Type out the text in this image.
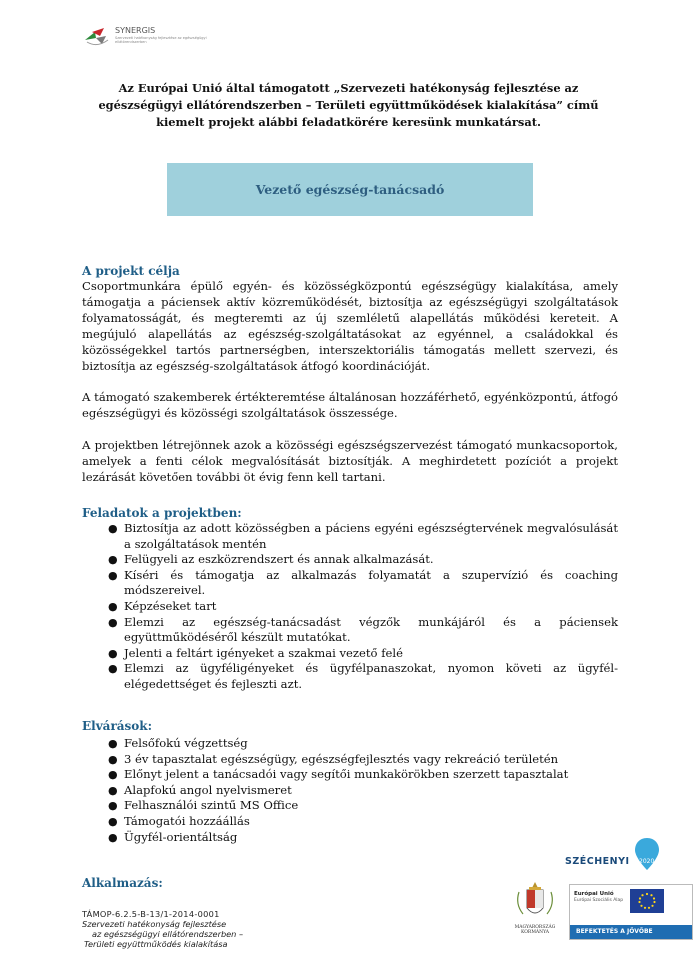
SYNERGIS
Szervezeti hatékonyság fejlesztése az egészségügyi ellátórendszerben
Az Európai Unió által támogatott „Szervezeti hatékonyság fejlesztése az egészségügyi ellátórendszerben – Területi együttműködések kialakítása” című kiemelt projekt alábbi feladatkörére keresünk munkatársat.
Vezető egészség-tanácsadó
A projekt célja

Csoportmunkára épülő egyén- és közösségközpontú egészségügy kialakítása, amely támogatja a páciensek aktív közreműködését, biztosítja az egészségügyi szolgáltatások folyamatosságát, és megteremti az új szemléletű alapellátás működési kereteit. A megújuló alapellátás az egészség-szolgáltatásokat az egyénnel, a családokkal és közösségekkel tartós partnerségben, interszektoriális támogatás mellett szervezi, és biztosítja az egészség-szolgáltatások átfogó koordinációját.

A támogató szakemberek értékteremtése általánosan hozzáférhető, egyénközpontú, átfogó egészségügyi és közösségi szolgáltatások összessége.

A projektben létrejönnek azok a közösségi egészségszervezést támogató munkacsoportok, amelyek a fenti célok megvalósítását biztosítják. A meghirdetett pozíciót a projekt lezárását követően további öt évig fenn kell tartani.

Feladatok a projektben:
● Biztosítja az adott közösségben a páciens egyéni egészségtervének megvalósulását a szolgáltatások mentén
● Felügyeli az eszközrendszert és annak alkalmazását.
● Kíséri és támogatja az alkalmazás folyamatát a szupervízió és coaching módszereivel.
● Képzéseket tart
● Elemzi az egészség-tanácsadást végzők munkájáról és a páciensek együttműködéséről készült mutatókat.
● Jelenti a feltárt igényeket a szakmai vezető felé
● Elemzi az ügyféligényeket és ügyfélpanaszokat, nyomon követi az ügyfél-elégedettséget és fejleszti azt.
Elvárások:
● Felsőfokú végzettség
● 3 év tapasztalat egészségügy, egészségfejlesztés vagy rekreáció területén
● Előnyt jelent a tanácsadói vagy segítői munkakörökben szerzett tapasztalat
● Alapfokú angol nyelvismeret
● Felhasználói szintű MS Office
● Támogatói hozzáállás
● Ügyfél-orientáltság
Alkalmazás:
TÁMOP-6.2.5-B-13/1-2014-0001
Szervezeti hatékonyság fejlesztése
az egészségügyi ellátórendszerben –
Területi együttműködés kialakítása
SZÉCHENYI 2020
MAGYARORSZÁG KORMÁNYA
Európai Unió
Európai Szociális Alap
BEFEKTETÉS A JÖVŐBE
